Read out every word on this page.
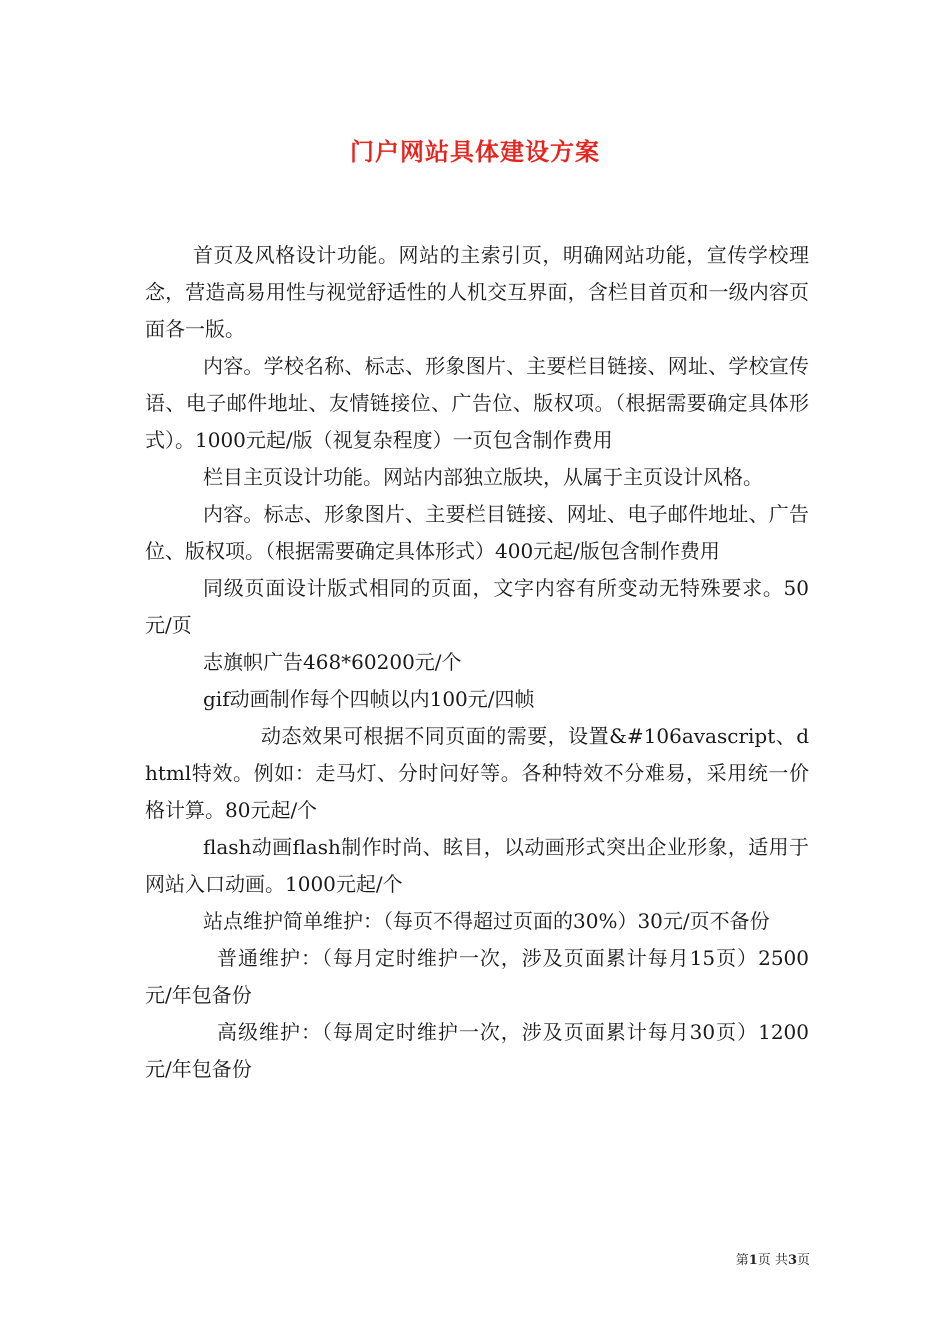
门户网站具体建设方案

首页及风格设计功能。网站的主索引页，明确网站功能，宣传学校理念，营造高易用性与视觉舒适性的人机交互界面，含栏目首页和一级内容页面各一版。

内容。学校名称、标志、形象图片、主要栏目链接、网址、学校宣传语、电子邮件地址、友情链接位、广告位、版权项。（根据需要确定具体形式）。1000元起/版（视复杂程度）一页包含制作费用

栏目主页设计功能。网站内部独立版块，从属于主页设计风格。

内容。标志、形象图片、主要栏目链接、网址、电子邮件地址、广告位、版权项。（根据需要确定具体形式）400元起/版包含制作费用

同级页面设计版式相同的页面，文字内容有所变动无特殊要求。50元/页

志旗帜广告468*60200元/个

gif动画制作每个四帧以内100元/四帧

动态效果可根据不同页面的需要，设置&#106avascript、dhtml特效。例如：走马灯、分时问好等。各种特效不分难易，采用统一价格计算。80元起/个

flash动画flash制作时尚、眩目，以动画形式突出企业形象，适用于网站入口动画。1000元起/个

站点维护简单维护：（每页不得超过页面的30%）30元/页不备份

普通维护：（每月定时维护一次，涉及页面累计每月15页）2500元/年包备份

高级维护：（每周定时维护一次，涉及页面累计每月30页）1200元/年包备份

第1页 共3页
